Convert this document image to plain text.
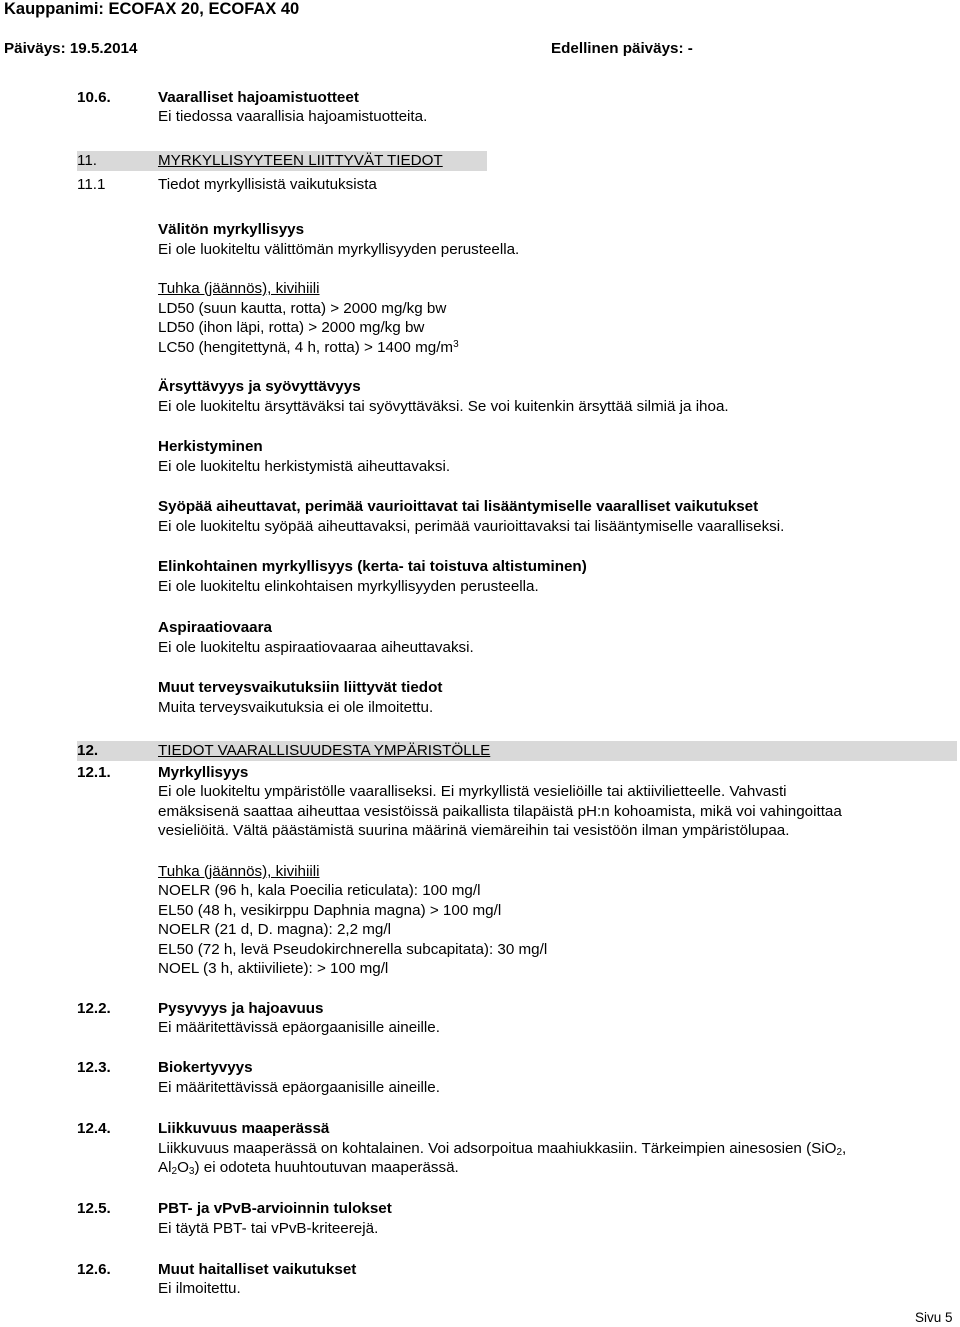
Kauppanimi: ECOFAX 20, ECOFAX 40
Päiväys: 19.5.2014	Edellinen päiväys: -
10.6.	Vaaralliset hajoamistuotteet
Ei tiedossa vaarallisia hajoamistuotteita.
11.	MYRKYLLISYYTEEN LIITTYVÄT TIEDOT
11.1	Tiedot myrkyllisistä vaikutuksista
Välitön myrkyllisyys
Ei ole luokiteltu välittömän myrkyllisyyden perusteella.
Tuhka (jäännös), kivihiili
LD50 (suun kautta, rotta) > 2000 mg/kg bw
LD50 (ihon läpi, rotta) > 2000 mg/kg bw
LC50 (hengitettynä, 4 h, rotta) > 1400 $mg/m^3$
Ärsyttävyys ja syövyttävyys
Ei ole luokiteltu ärsyttäväksi tai syövyttäväksi. Se voi kuitenkin ärsyttää silmiä ja ihoa.
Herkistyminen
Ei ole luokiteltu herkistymistä aiheuttavaksi.
Syöpää aiheuttavat, perimää vaurioittavat tai lisääntymiselle vaaralliset vaikutukset
Ei ole luokiteltu syöpää aiheuttavaksi, perimää vaurioittavaksi tai lisääntymiselle vaaralliseksi.
Elinkohtainen myrkyllisyys (kerta- tai toistuva altistuminen)
Ei ole luokiteltu elinkohtaisen myrkyllisyyden perusteella.
Aspiraatiovaara
Ei ole luokiteltu aspiraatiovaaraa aiheuttavaksi.
Muut terveysvaikutuksiin liittyvät tiedot
Muita terveysvaikutuksia ei ole ilmoitettu.
12.	TIEDOT VAARALLISUUDESTA YMPÄRISTÖLLE
12.1.	Myrkyllisyys
Ei ole luokiteltu ympäristölle vaaralliseksi. Ei myrkyllistä vesieliöille tai aktiivilietteelle. Vahvasti
emäksisenä saattaa aiheuttaa vesistöissä paikallista tilapäistä pH:n kohoamista, mikä voi vahingoittaa
vesieliöitä. Vältä päästämistä suurina määrinä viemäreihin tai vesistöön ilman ympäristölupaa.
Tuhka (jäännös), kivihiili
NOELR (96 h, kala Poecilia reticulata): 100 mg/l
EL50 (48 h, vesikirppu Daphnia magna) > 100 mg/l
NOELR (21 d, D. magna): 2,2 mg/l
EL50 (72 h, levä Pseudokirchnerella subcapitata): 30 mg/l
NOEL (3 h, aktiiviliete): > 100 mg/l
12.2.	Pysyvyys ja hajoavuus
Ei määritettävissä epäorgaanisille aineille.
12.3.	Biokertyvyys
Ei määritettävissä epäorgaanisille aineille.
12.4.	Liikkuvuus maaperässä
Liikkuvuus maaperässä on kohtalainen. Voi adsorpoitua maahiukkasiin. Tärkeimpien ainesosien (SiO$_2$,
$Al_2O_3$) ei odoteta huuhtoutuvan maaperässä.
12.5.	PBT- ja vPvB-arvioinnin tulokset
Ei täytä PBT- tai vPvB-kriteerejä.
12.6.	Muut haitalliset vaikutukset
Ei ilmoitettu.
Sivu 5
